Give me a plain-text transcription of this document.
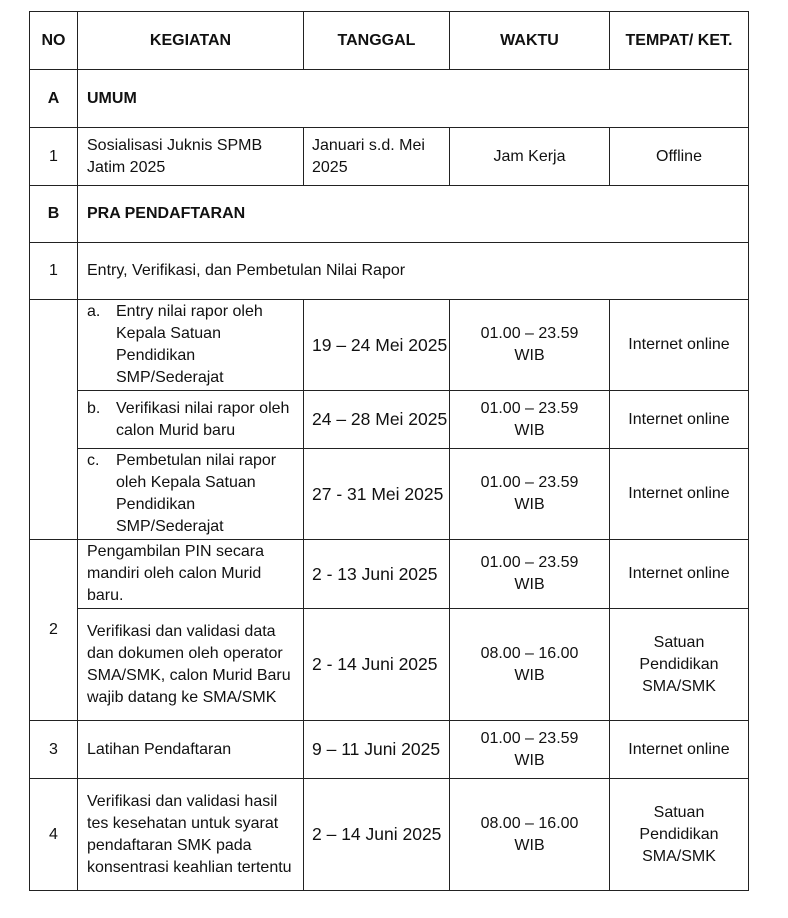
NO	KEGIATAN	TANGGAL	WAKTU	TEMPAT/ KET.
A	UMUM			
1	Sosialisasi Juknis SPMB Jatim 2025	Januari s.d. Mei 2025	Jam Kerja	Offline
B	PRA PENDAFTARAN			
1	Entry, Verifikasi, dan Pembetulan Nilai Rapor			

	a. Entry nilai rapor oleh Kepala Satuan Pendidikan SMP/Sederajat	19 – 24 Mei 2025	01.00 – 23.59 WIB	Internet online

	b. Verifikasi nilai rapor oleh calon Murid baru	24 – 28 Mei 2025	01.00 – 23.59 WIB	Internet online

	c. Pembetulan nilai rapor oleh Kepala Satuan Pendidikan SMP/Sederajat	27 - 31 Mei 2025	01.00 – 23.59 WIB	Internet online
2	Pengambilan PIN secara mandiri oleh calon Murid baru.	2 - 13 Juni 2025	01.00 – 23.59 WIB	Internet online
	Verifikasi dan validasi data dan dokumen oleh operator SMA/SMK, calon Murid Baru wajib datang ke SMA/SMK	2 - 14 Juni 2025	08.00 – 16.00 WIB	Satuan Pendidikan SMA/SMK
3	Latihan Pendaftaran	9 – 11 Juni 2025	01.00 – 23.59 WIB	Internet online
4	Verifikasi dan validasi hasil tes kesehatan untuk syarat pendaftaran SMK pada konsentrasi keahlian tertentu	2 – 14 Juni 2025	08.00 – 16.00 WIB	Satuan Pendidikan SMA/SMK
